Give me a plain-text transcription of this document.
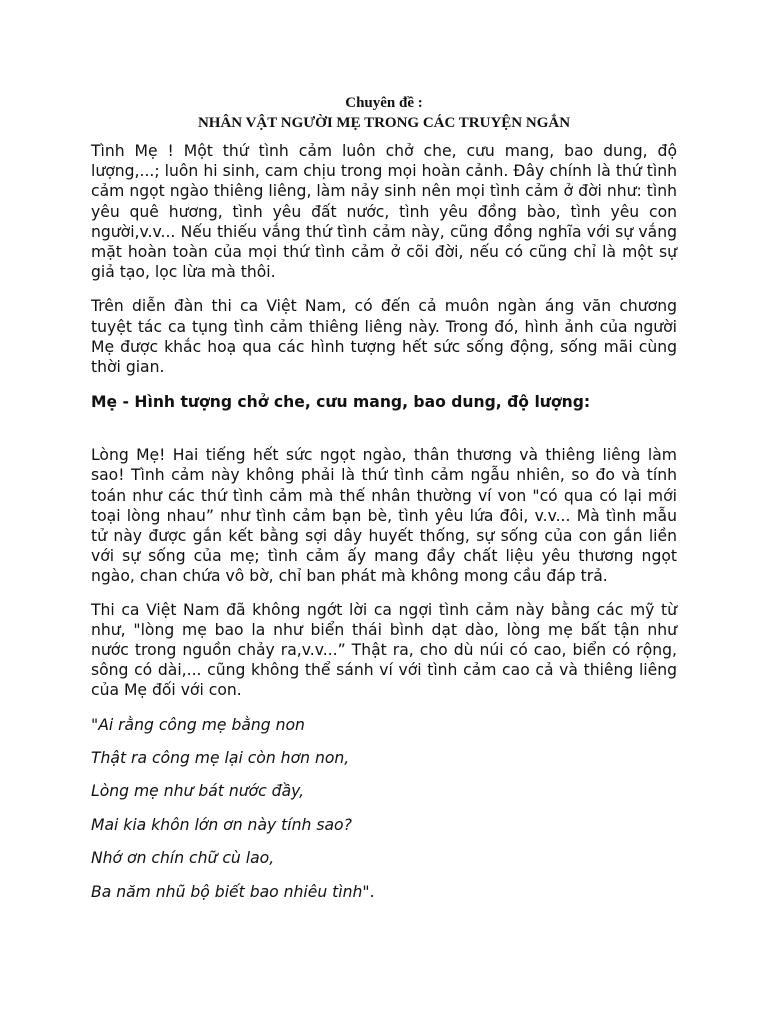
Chuyên đề :
NHÂN VẬT NGƯỜI MẸ TRONG CÁC TRUYỆN NGẮN

Tình Mẹ ! Một thứ tình cảm luôn chở che, cưu mang, bao dung, độ lượng,...; luôn hi sinh, cam chịu trong mọi hoàn cảnh. Đây chính là thứ tình cảm ngọt ngào thiêng liêng, làm nảy sinh nên mọi tình cảm ở đời như: tình yêu quê hương, tình yêu đất nước, tình yêu đồng bào, tình yêu con người,v.v... Nếu thiếu vắng thứ tình cảm này, cũng đồng nghĩa với sự vắng mặt hoàn toàn của mọi thứ tình cảm ở cõi đời, nếu có cũng chỉ là một sự giả tạo, lọc lừa mà thôi.

Trên diễn đàn thi ca Việt Nam, có đến cả muôn ngàn áng văn chương tuyệt tác ca tụng tình cảm thiêng liêng này. Trong đó, hình ảnh của người Mẹ được khắc hoạ qua các hình tượng hết sức sống động, sống mãi cùng thời gian.

Mẹ - Hình tượng chở che, cưu mang, bao dung, độ lượng:

Lòng Mẹ! Hai tiếng hết sức ngọt ngào, thân thương và thiêng liêng làm sao! Tình cảm này không phải là thứ tình cảm ngẫu nhiên, so đo và tính toán như các thứ tình cảm mà thế nhân thường ví von "có qua có lại mới toại lòng nhau” như tình cảm bạn bè, tình yêu lứa đôi, v.v... Mà tình mẫu tử này được gắn kết bằng sợi dây huyết thống, sự sống của con gắn liền với sự sống của mẹ; tình cảm ấy mang đầy chất liệu yêu thương ngọt ngào, chan chứa vô bờ, chỉ ban phát mà không mong cầu đáp trả.

Thi ca Việt Nam đã không ngớt lời ca ngợi tình cảm này bằng các mỹ từ như, "lòng mẹ bao la như biển thái bình dạt dào, lòng mẹ bất tận như nước trong nguồn chảy ra,v.v...” Thật ra, cho dù núi có cao, biển có rộng, sông có dài,... cũng không thể sánh ví với tình cảm cao cả và thiêng liêng của Mẹ đối với con.

"Ai rằng công mẹ bằng non
Thật ra công mẹ lại còn hơn non,
Lòng mẹ như bát nước đầy,
Mai kia khôn lớn ơn này tính sao?
Nhớ ơn chín chữ cù lao,
Ba năm nhũ bộ biết bao nhiêu tình".
